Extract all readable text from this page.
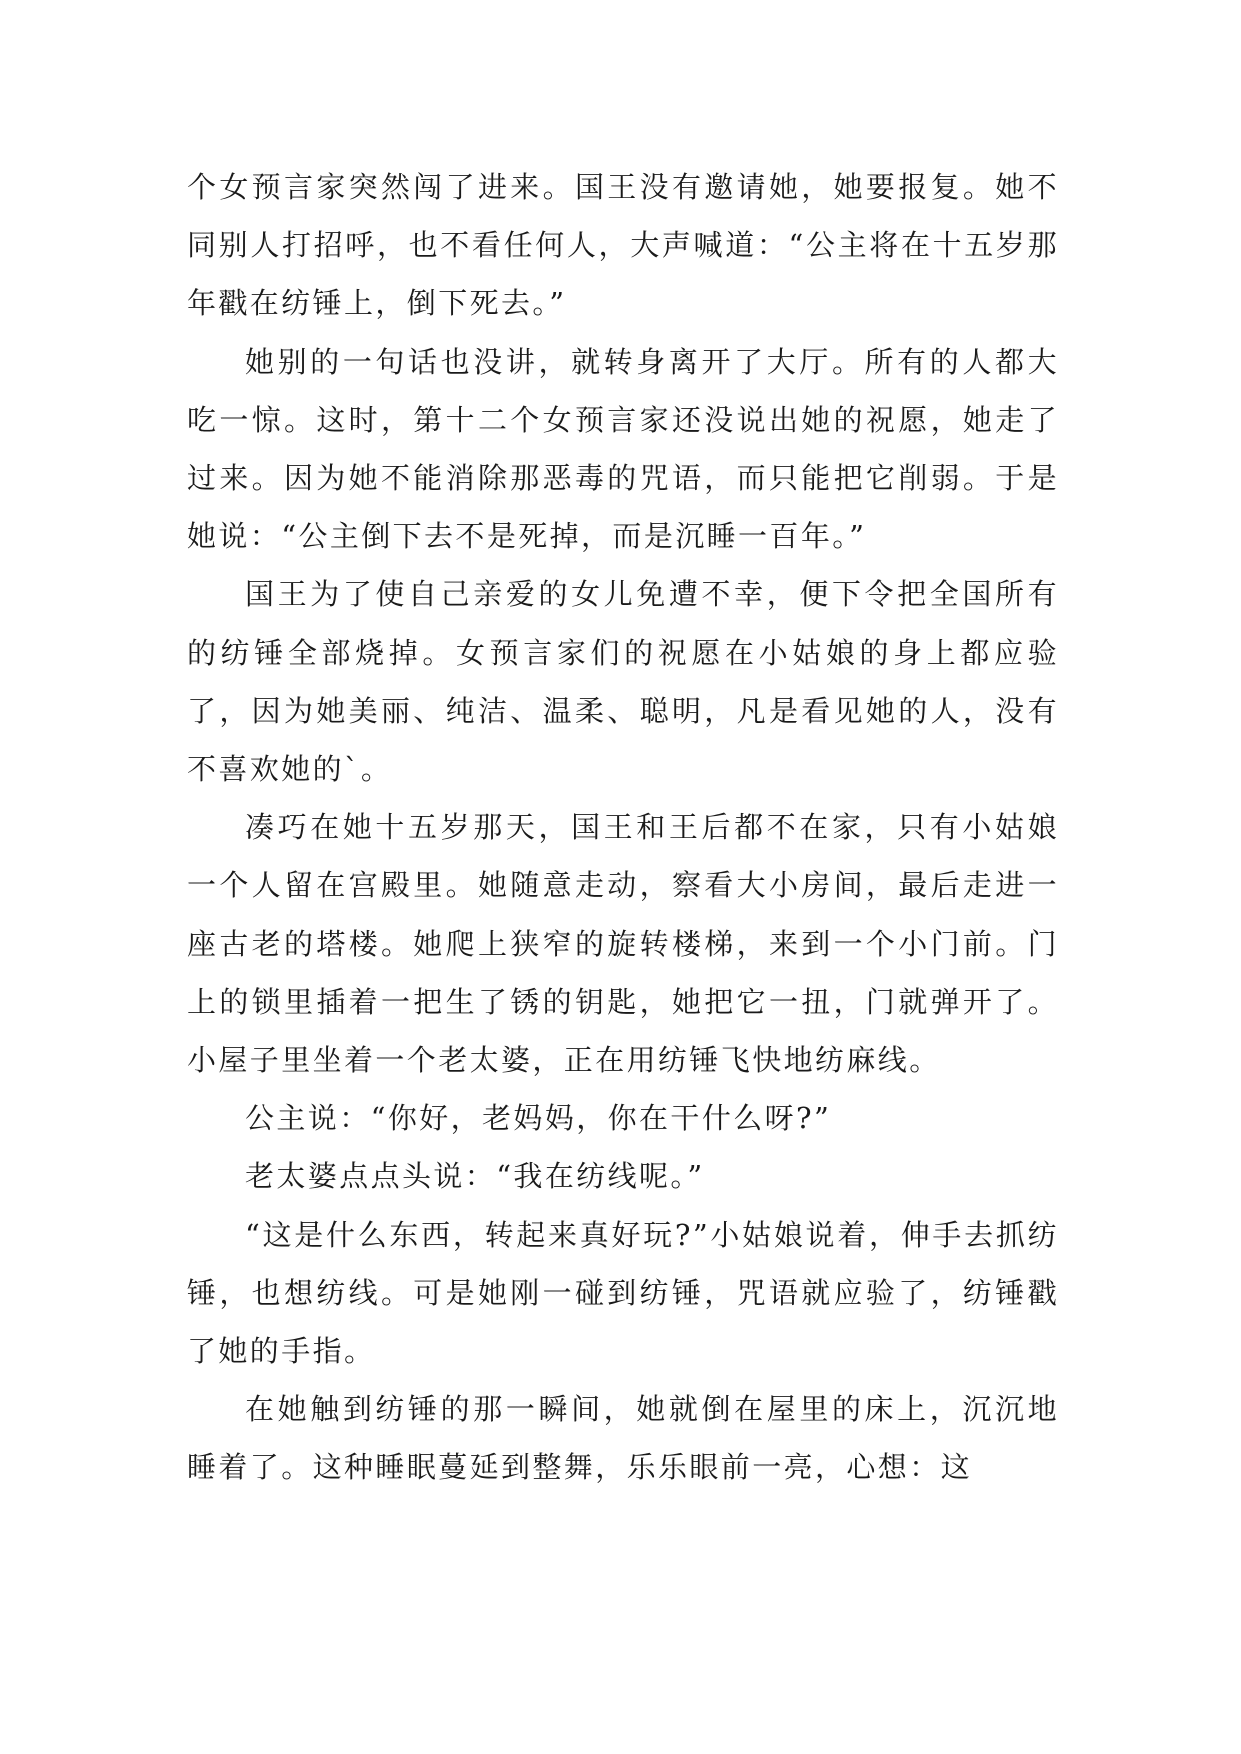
个女预言家突然闯了进来。国王没有邀请她，她要报复。她不同别人打招呼，也不看任何人，大声喊道：“公主将在十五岁那年戳在纺锤上，倒下死去。”

她别的一句话也没讲，就转身离开了大厅。所有的人都大吃一惊。这时，第十二个女预言家还没说出她的祝愿，她走了过来。因为她不能消除那恶毒的咒语，而只能把它削弱。于是她说：“公主倒下去不是死掉，而是沉睡一百年。”

国王为了使自己亲爱的女儿免遭不幸，便下令把全国所有的纺锤全部烧掉。女预言家们的祝愿在小姑娘的身上都应验了，因为她美丽、纯洁、温柔、聪明，凡是看见她的人，没有不喜欢她的`。

凑巧在她十五岁那天，国王和王后都不在家，只有小姑娘一个人留在宫殿里。她随意走动，察看大小房间，最后走进一座古老的塔楼。她爬上狭窄的旋转楼梯，来到一个小门前。门上的锁里插着一把生了锈的钥匙，她把它一扭，门就弹开了。小屋子里坐着一个老太婆，正在用纺锤飞快地纺麻线。

公主说：“你好，老妈妈，你在干什么呀?”

老太婆点点头说：“我在纺线呢。”

“这是什么东西，转起来真好玩?”小姑娘说着，伸手去抓纺锤，也想纺线。可是她刚一碰到纺锤，咒语就应验了，纺锤戳了她的手指。

在她触到纺锤的那一瞬间，她就倒在屋里的床上，沉沉地睡着了。这种睡眠蔓延到整舞，乐乐眼前一亮，心想：这
